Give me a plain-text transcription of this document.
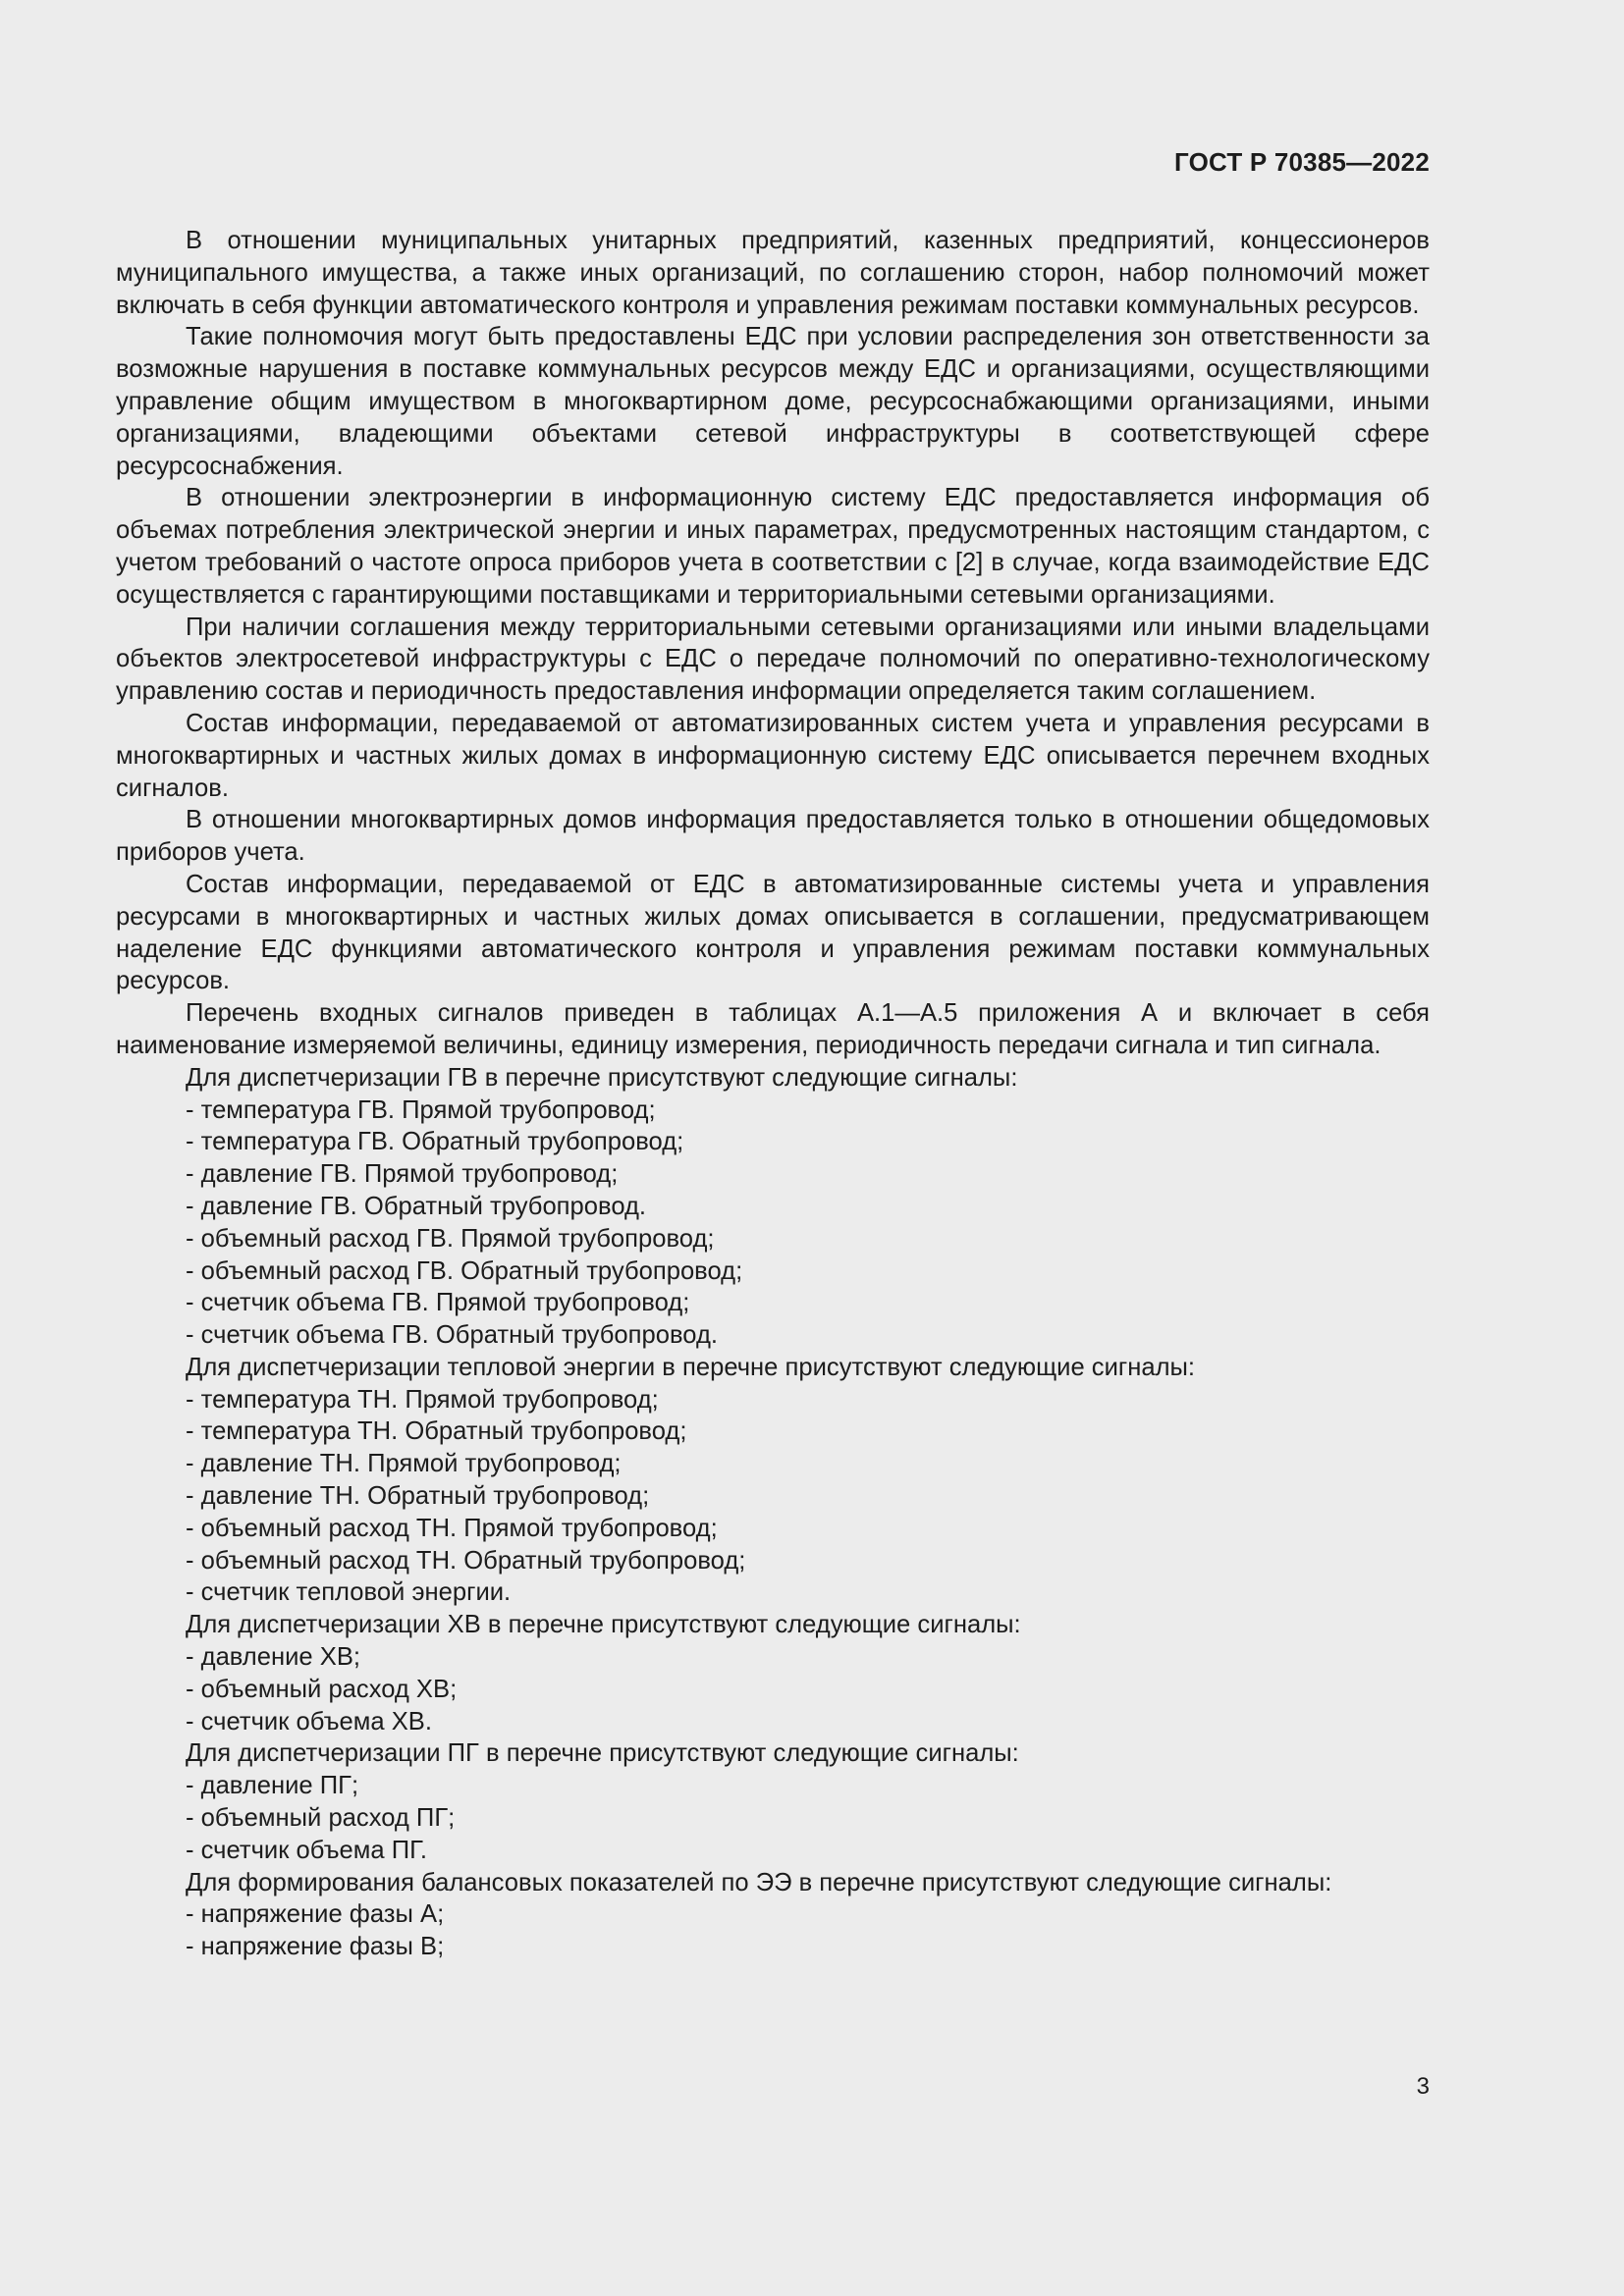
ГОСТ Р 70385—2022

В отношении муниципальных унитарных предприятий, казенных предприятий, концессионеров муниципального имущества, а также иных организаций, по соглашению сторон, набор полномочий может включать в себя функции автоматического контроля и управления режимам поставки коммунальных ресурсов.

Такие полномочия могут быть предоставлены ЕДС при условии распределения зон ответственности за возможные нарушения в поставке коммунальных ресурсов между ЕДС и организациями, осуществляющими управление общим имуществом в многоквартирном доме, ресурсоснабжающими организациями, иными организациями, владеющими объектами сетевой инфраструктуры в соответствующей сфере ресурсоснабжения.

В отношении электроэнергии в информационную систему ЕДС предоставляется информация об объемах потребления электрической энергии и иных параметрах, предусмотренных настоящим стандартом, с учетом требований о частоте опроса приборов учета в соответствии с [2] в случае, когда взаимодействие ЕДС осуществляется с гарантирующими поставщиками и территориальными сетевыми организациями.

При наличии соглашения между территориальными сетевыми организациями или иными владельцами объектов электросетевой инфраструктуры с ЕДС о передаче полномочий по оперативно-технологическому управлению состав и периодичность предоставления информации определяется таким соглашением.

Состав информации, передаваемой от автоматизированных систем учета и управления ресурсами в многоквартирных и частных жилых домах в информационную систему ЕДС описывается перечнем входных сигналов.

В отношении многоквартирных домов информация предоставляется только в отношении общедомовых приборов учета.

Состав информации, передаваемой от ЕДС в автоматизированные системы учета и управления ресурсами в многоквартирных и частных жилых домах описывается в соглашении, предусматривающем наделение ЕДС функциями автоматического контроля и управления режимам поставки коммунальных ресурсов.

Перечень входных сигналов приведен в таблицах А.1—А.5 приложения А и включает в себя наименование измеряемой величины, единицу измерения, периодичность передачи сигнала и тип сигнала.

Для диспетчеризации ГВ в перечне присутствуют следующие сигналы:

- температура ГВ. Прямой трубопровод;
- температура ГВ. Обратный трубопровод;
- давление ГВ. Прямой трубопровод;
- давление ГВ. Обратный трубопровод.
- объемный расход ГВ. Прямой трубопровод;
- объемный расход ГВ. Обратный трубопровод;
- счетчик объема ГВ. Прямой трубопровод;
- счетчик объема ГВ. Обратный трубопровод.

Для диспетчеризации тепловой энергии в перечне присутствуют следующие сигналы:

- температура ТН. Прямой трубопровод;
- температура ТН. Обратный трубопровод;
- давление ТН. Прямой трубопровод;
- давление ТН. Обратный трубопровод;
- объемный расход ТН. Прямой трубопровод;
- объемный расход ТН. Обратный трубопровод;
- счетчик тепловой энергии.

Для диспетчеризации ХВ в перечне присутствуют следующие сигналы:

- давление ХВ;
- объемный расход ХВ;
- счетчик объема ХВ.

Для диспетчеризации ПГ в перечне присутствуют следующие сигналы:

- давление ПГ;
- объемный расход ПГ;
- счетчик объема ПГ.

Для формирования балансовых показателей по ЭЭ в перечне присутствуют следующие сигналы:

- напряжение фазы А;
- напряжение фазы В;
3
